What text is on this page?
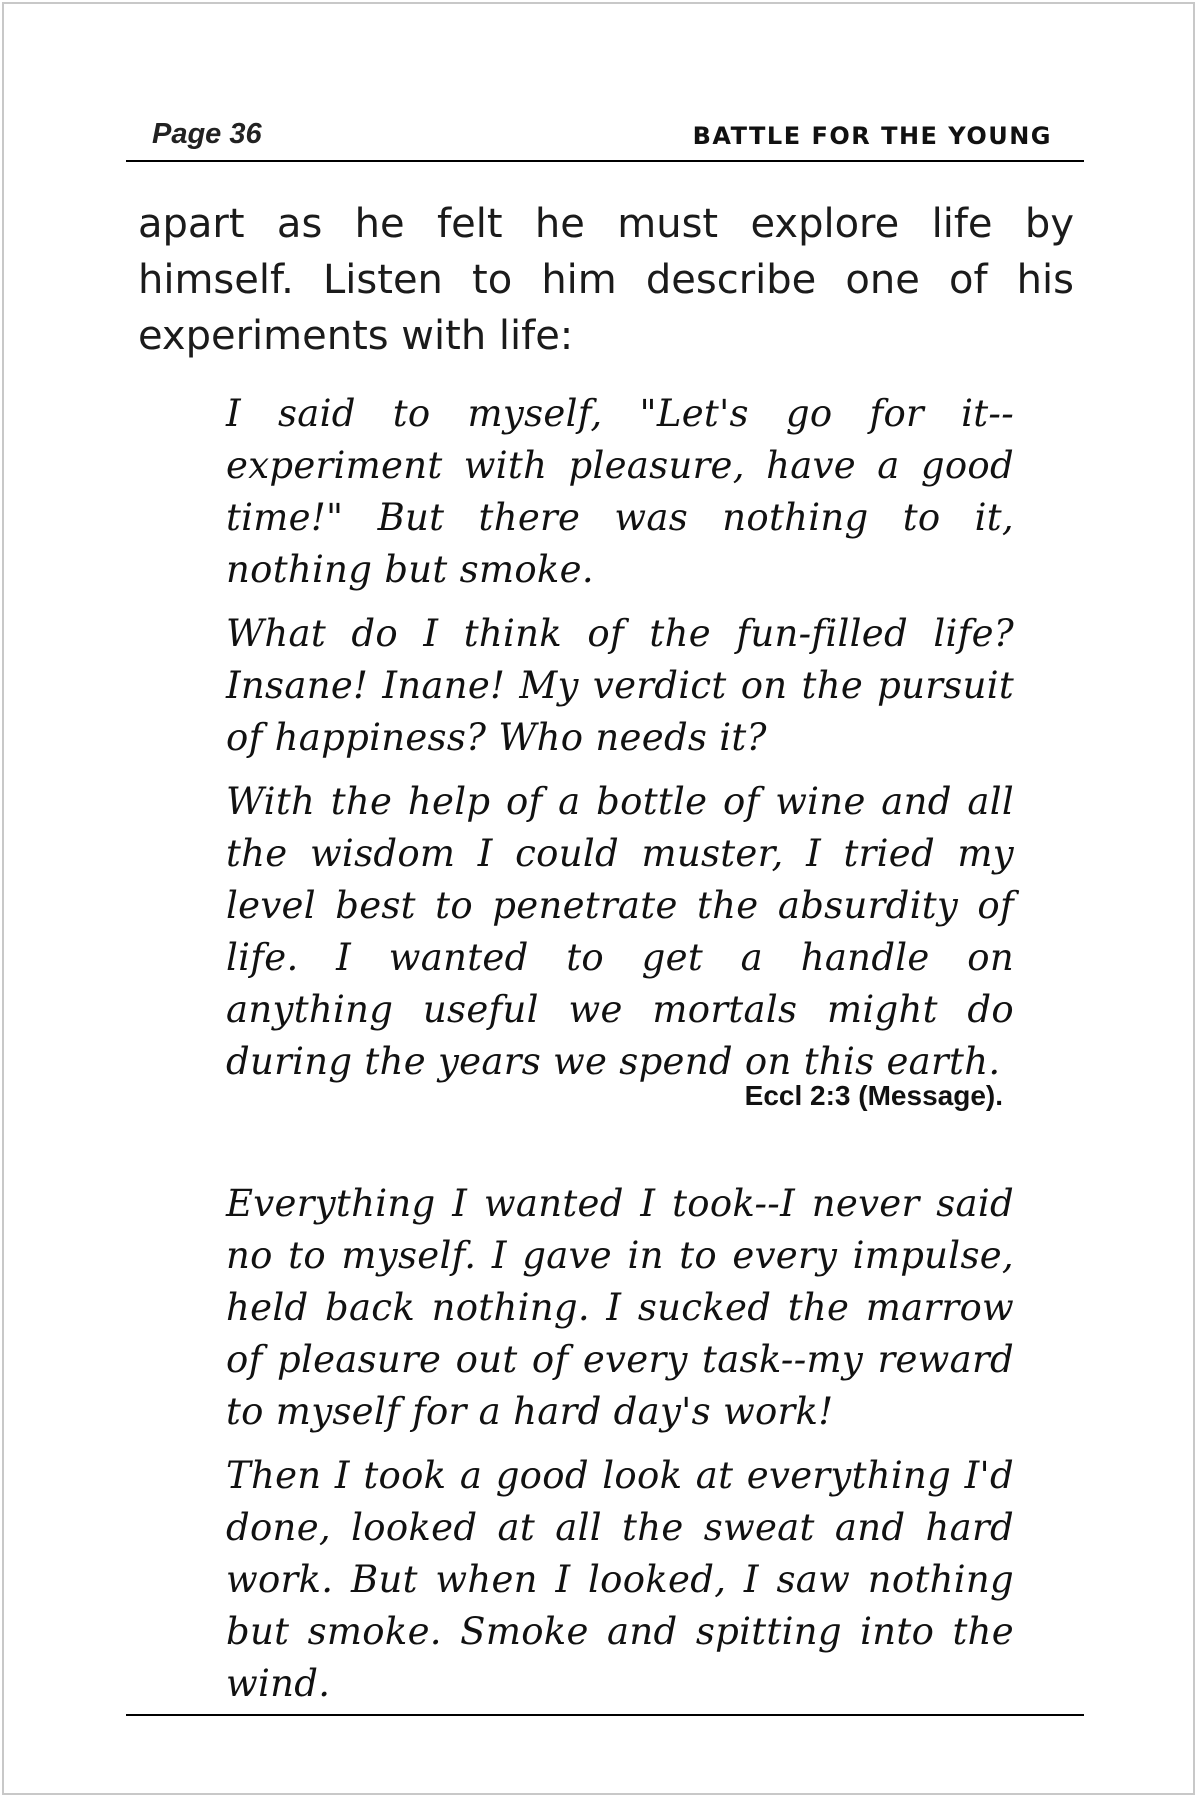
Page 36	BATTLE FOR THE YOUNG

apart as he felt he must explore life by himself. Listen to him describe one of his experiments with life:

I said to myself, "Let's go for it--experiment with pleasure, have a good time!" But there was nothing to it, nothing but smoke.

What do I think of the fun-filled life? Insane! Inane! My verdict on the pursuit of happiness? Who needs it?

With the help of a bottle of wine and all the wisdom I could muster, I tried my level best to penetrate the absurdity of life. I wanted to get a handle on anything useful we mortals might do during the years we spend on this earth.

Eccl 2:3 (Message).

Everything I wanted I took--I never said no to myself. I gave in to every impulse, held back nothing. I sucked the marrow of pleasure out of every task--my reward to myself for a hard day's work!

Then I took a good look at everything I'd done, looked at all the sweat and hard work. But when I looked, I saw nothing but smoke. Smoke and spitting into the wind.
